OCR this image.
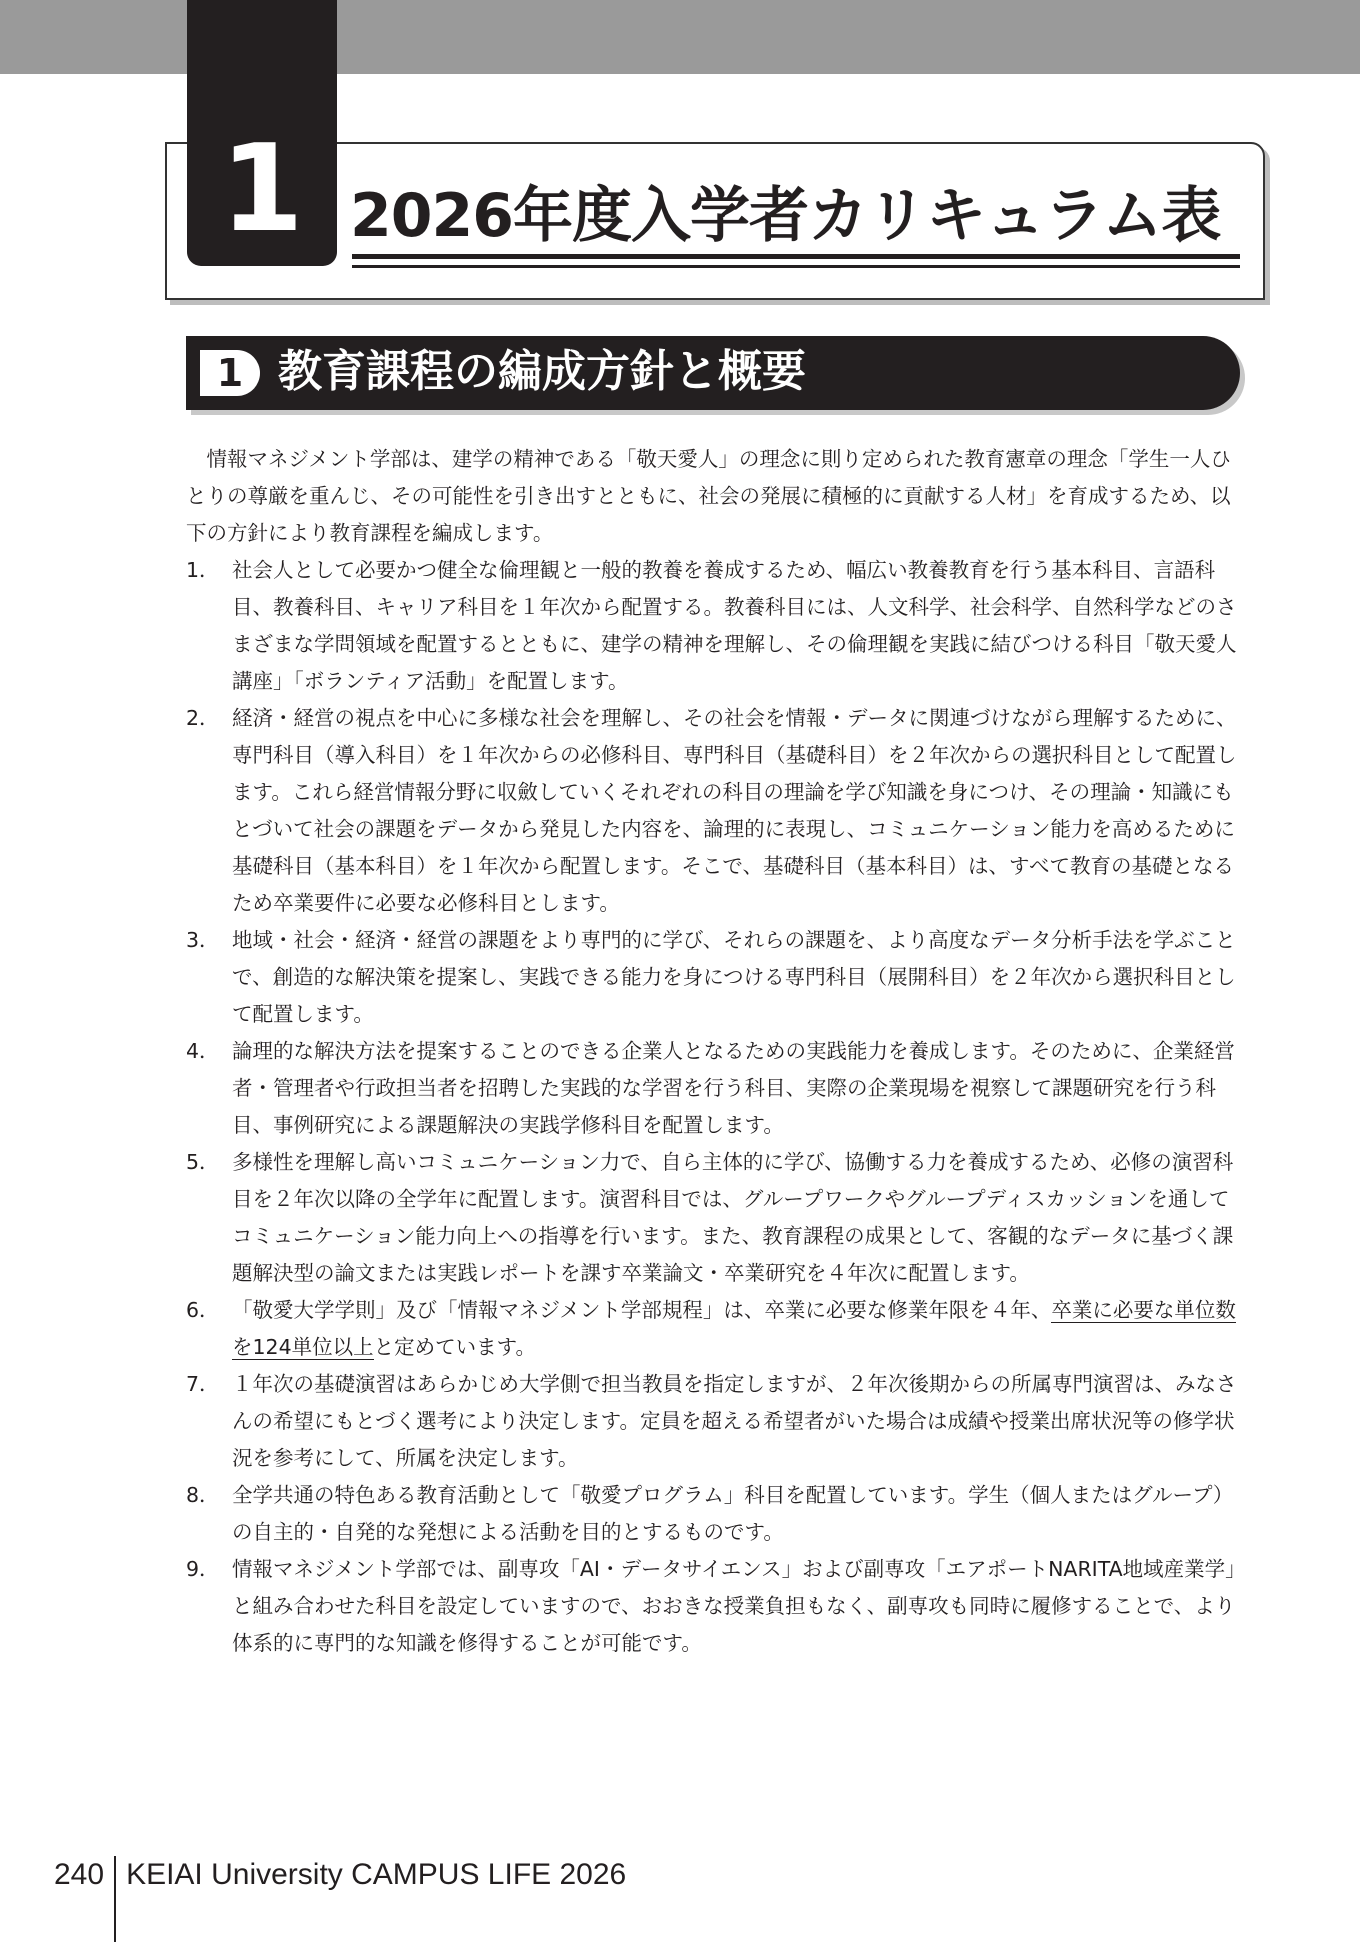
1 2026年度入学者カリキュラム表
1 教育課程の編成方針と概要

情報マネジメント学部は、建学の精神である「敬天愛人」の理念に則り定められた教育憲章の理念「学生一人ひとりの尊厳を重んじ、その可能性を引き出すとともに、社会の発展に積極的に貢献する人材」を育成するため、以下の方針により教育課程を編成します。

1． 社会人として必要かつ健全な倫理観と一般的教養を養成するため、幅広い教養教育を行う基本科目、言語科目、教養科目、キャリア科目を１年次から配置する。教養科目には、人文科学、社会科学、自然科学などのさまざまな学問領域を配置するとともに、建学の精神を理解し、その倫理観を実践に結びつける科目「敬天愛人講座」「ボランティア活動」を配置します。
2． 経済・経営の視点を中心に多様な社会を理解し、その社会を情報・データに関連づけながら理解するために、専門科目（導入科目）を１年次からの必修科目、専門科目（基礎科目）を２年次からの選択科目として配置します。これら経営情報分野に収斂していくそれぞれの科目の理論を学び知識を身につけ、その理論・知識にもとづいて社会の課題をデータから発見した内容を、論理的に表現し、コミュニケーション能力を高めるために基礎科目（基本科目）を１年次から配置します。そこで、基礎科目（基本科目）は、すべて教育の基礎となるため卒業要件に必要な必修科目とします。
3． 地域・社会・経済・経営の課題をより専門的に学び、それらの課題を、より高度なデータ分析手法を学ぶことで、創造的な解決策を提案し、実践できる能力を身につける専門科目（展開科目）を２年次から選択科目として配置します。
4． 論理的な解決方法を提案することのできる企業人となるための実践能力を養成します。そのために、企業経営者・管理者や行政担当者を招聘した実践的な学習を行う科目、実際の企業現場を視察して課題研究を行う科目、事例研究による課題解決の実践学修科目を配置します。
5． 多様性を理解し高いコミュニケーション力で、自ら主体的に学び、協働する力を養成するため、必修の演習科目を２年次以降の全学年に配置します。演習科目では、グループワークやグループディスカッションを通してコミュニケーション能力向上への指導を行います。また、教育課程の成果として、客観的なデータに基づく課題解決型の論文または実践レポートを課す卒業論文・卒業研究を４年次に配置します。
6． 「敬愛大学学則」及び「情報マネジメント学部規程」は、卒業に必要な修業年限を４年、卒業に必要な単位数を124単位以上と定めています。
7． １年次の基礎演習はあらかじめ大学側で担当教員を指定しますが、２年次後期からの所属専門演習は、みなさんの希望にもとづく選考により決定します。定員を超える希望者がいた場合は成績や授業出席状況等の修学状況を参考にして、所属を決定します。
8． 全学共通の特色ある教育活動として「敬愛プログラム」科目を配置しています。学生（個人またはグループ）の自主的・自発的な発想による活動を目的とするものです。
9． 情報マネジメント学部では、副専攻「AI・データサイエンス」および副専攻「エアポートNARITA地域産業学」と組み合わせた科目を設定していますので、おおきな授業負担もなく、副専攻も同時に履修することで、より体系的に専門的な知識を修得することが可能です。
240 KEIAI University CAMPUS LIFE 2026
